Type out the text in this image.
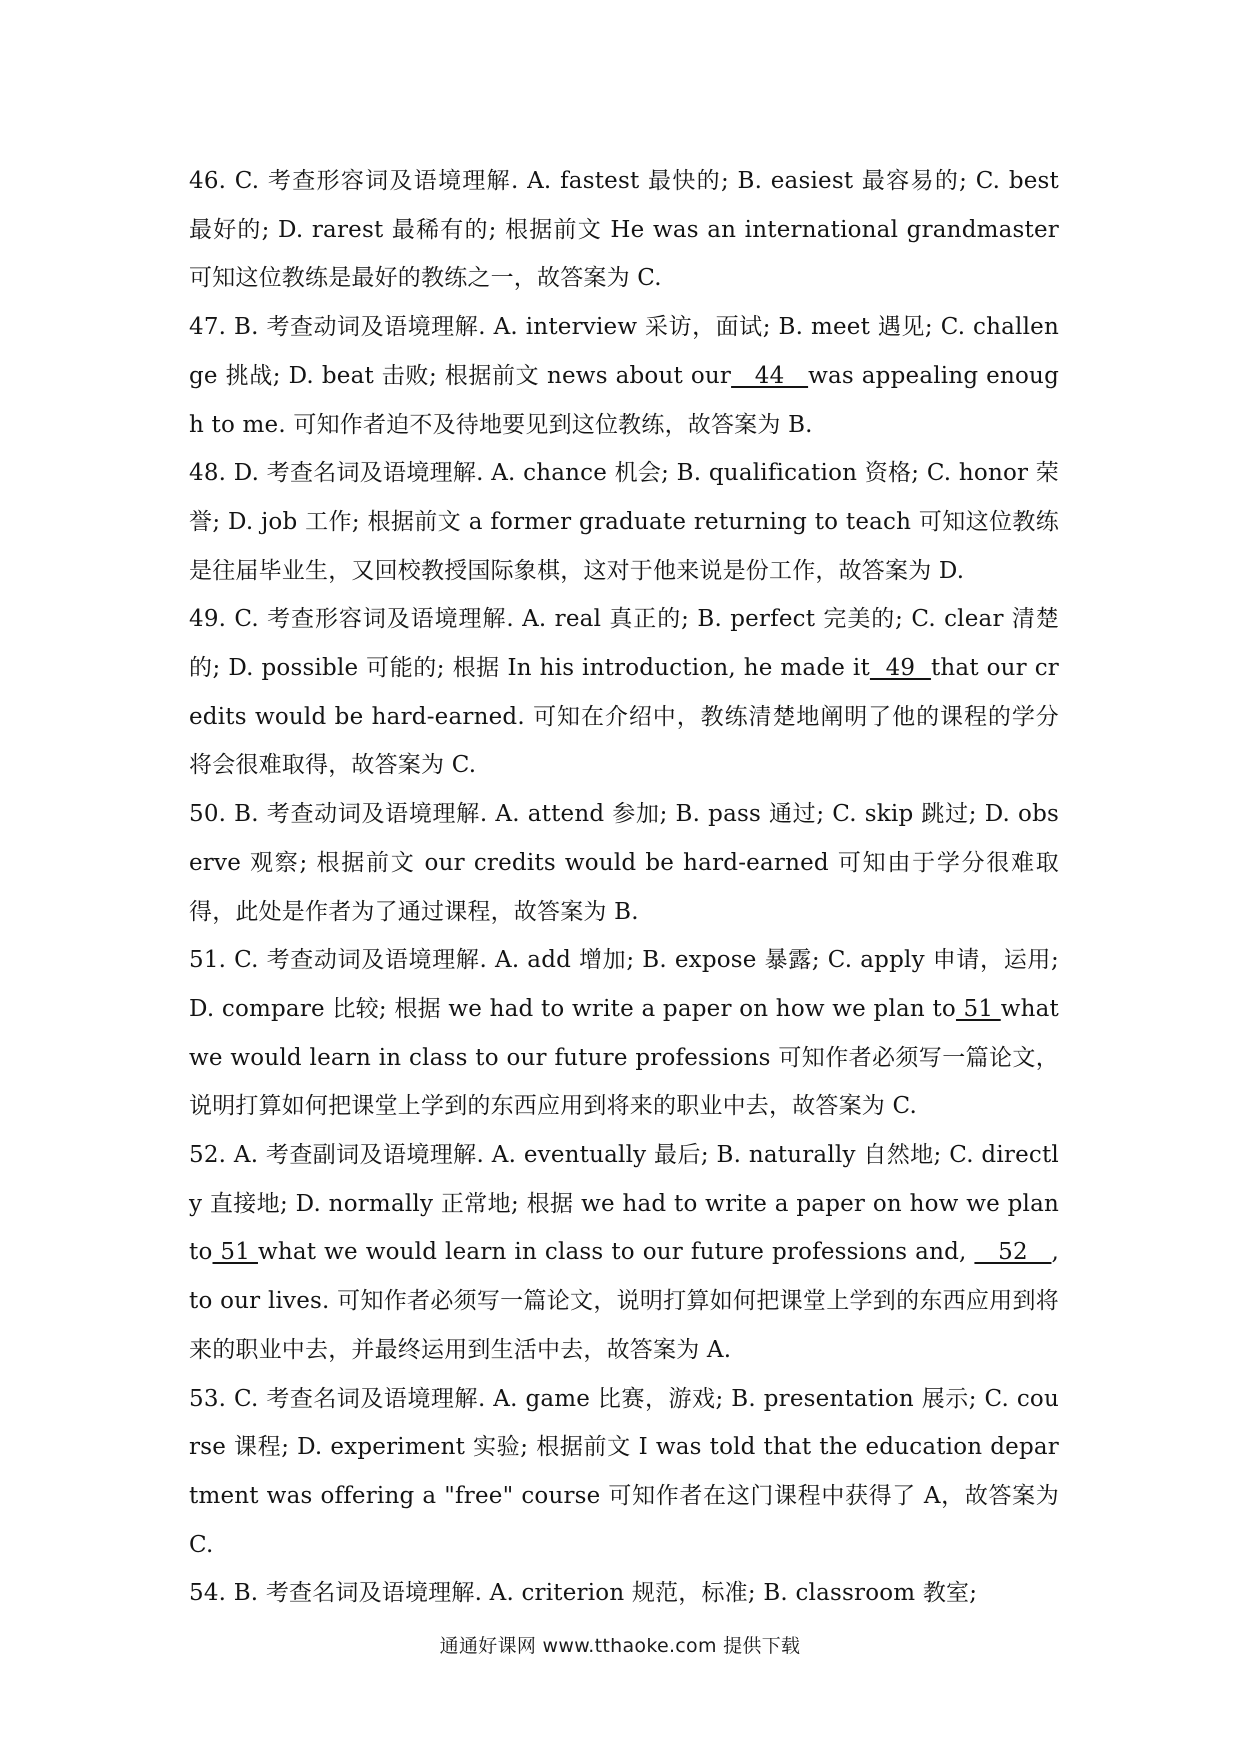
46. C. 考查形容词及语境理解. A. fastest 最快的; B. easiest 最容易的; C. best 最好的; D. rarest 最稀有的; 根据前文 He was an international grandmaster 可知这位教练是最好的教练之一，故答案为 C.

47. B. 考查动词及语境理解. A. interview 采访，面试; B. meet 遇见; C. challenge 挑战; D. beat 击败; 根据前文 news about our   44   was appealing enough to me. 可知作者迫不及待地要见到这位教练，故答案为 B.

48. D. 考查名词及语境理解. A. chance 机会; B. qualification 资格; C. honor 荣誉; D. job 工作; 根据前文 a former graduate returning to teach 可知这位教练是往届毕业生，又回校教授国际象棋，这对于他来说是份工作，故答案为 D.

49. C. 考查形容词及语境理解. A. real 真正的; B. perfect 完美的; C. clear 清楚的; D. possible 可能的; 根据 In his introduction, he made it  49  that our credits would be hard-earned. 可知在介绍中，教练清楚地阐明了他的课程的学分将会很难取得，故答案为 C.

50. B. 考查动词及语境理解. A. attend 参加; B. pass 通过; C. skip 跳过; D. observe 观察; 根据前文 our credits would be hard-earned 可知由于学分很难取得，此处是作者为了通过课程，故答案为 B.

51. C. 考查动词及语境理解. A. add 增加; B. expose 暴露; C. apply 申请，运用; D. compare 比较; 根据 we had to write a paper on how we plan to 51 what we would learn in class to our future professions 可知作者必须写一篇论文，说明打算如何把课堂上学到的东西应用到将来的职业中去，故答案为 C.

52. A. 考查副词及语境理解. A. eventually 最后; B. naturally 自然地; C. directly 直接地; D. normally 正常地; 根据 we had to write a paper on how we plan to 51 what we would learn in class to our future professions and,    52   , to our lives. 可知作者必须写一篇论文，说明打算如何把课堂上学到的东西应用到将来的职业中去，并最终运用到生活中去，故答案为 A.

53. C. 考查名词及语境理解. A. game 比赛，游戏; B. presentation 展示; C. course 课程; D. experiment 实验; 根据前文 I was told that the education department was offering a "free" course 可知作者在这门课程中获得了 A，故答案为 C.

54. B. 考查名词及语境理解. A. criterion 规范，标准; B. classroom 教室;

通通好课网 www.tthaoke.com 提供下载
